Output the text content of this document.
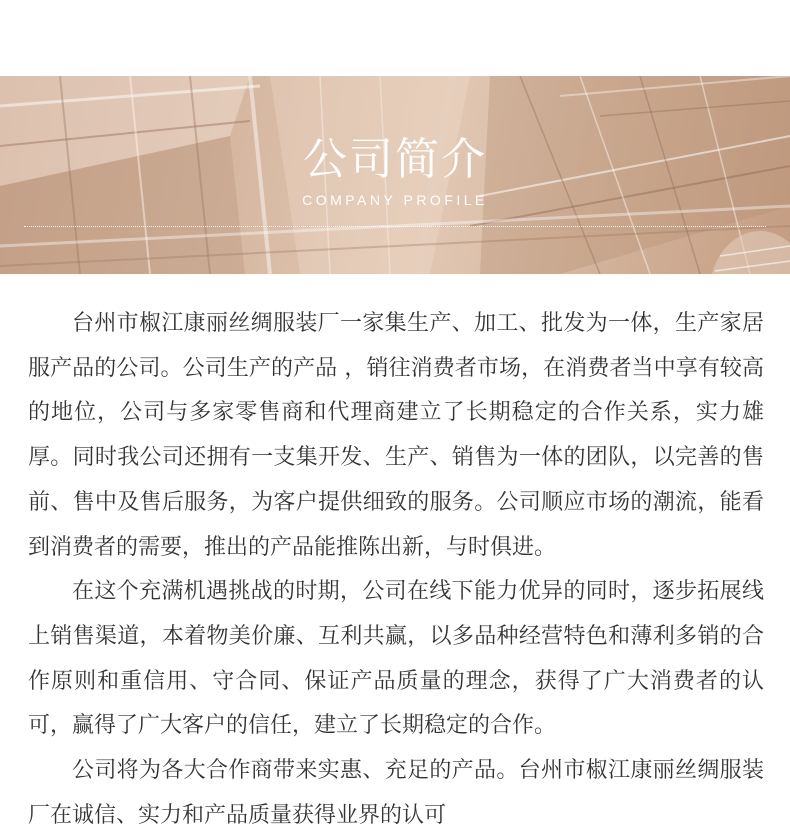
公司简介
COMPANY PROFILE

台州市椒江康丽丝绸服装厂一家集生产、加工、批发为一体，生产家居服产品的公司。公司生产的产品 ，销往消费者市场，在消费者当中享有较高的地位，公司与多家零售商和代理商建立了长期稳定的合作关系，实力雄厚。同时我公司还拥有一支集开发、生产、销售为一体的团队，以完善的售前、售中及售后服务，为客户提供细致的服务。公司顺应市场的潮流，能看到消费者的需要，推出的产品能推陈出新，与时俱进。

在这个充满机遇挑战的时期，公司在线下能力优异的同时，逐步拓展线上销售渠道，本着物美价廉、互利共赢，以多品种经营特色和薄利多销的合作原则和重信用、守合同、保证产品质量的理念，获得了广大消费者的认可，赢得了广大客户的信任，建立了长期稳定的合作。

公司将为各大合作商带来实惠、充足的产品。台州市椒江康丽丝绸服装厂在诚信、实力和产品质量获得业界的认可
